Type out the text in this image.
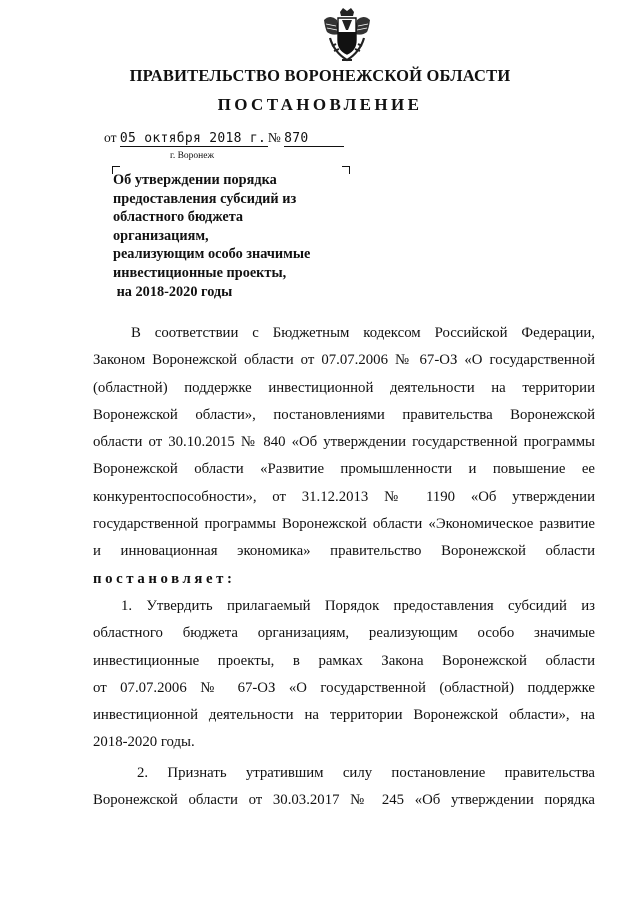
ПРАВИТЕЛЬСТВО ВОРОНЕЖСКОЙ ОБЛАСТИ
ПОСТАНОВЛЕНИЕ
от 05 октября 2018 г. № 870
г. Воронеж
Об утверждении порядка
предоставления субсидий из
областного бюджета
организациям,
реализующим особо значимые
инвестиционные проекты,
на 2018-2020 годы
В соответствии с Бюджетным кодексом Российской Федерации,
Законом Воронежской области от 07.07.2006 № 67-ОЗ «О государственной
(областной) поддержке инвестиционной деятельности на территории
Воронежской области», постановлениями правительства Воронежской
области от 30.10.2015 № 840 «Об утверждении государственной программы
Воронежской области «Развитие промышленности и повышение ее
конкурентоспособности», от 31.12.2013 № 1190 «Об утверждении
государственной программы Воронежской области «Экономическое развитие
и инновационная экономика» правительство Воронежской области
постановляет:
1. Утвердить прилагаемый Порядок предоставления субсидий из
областного бюджета организациям, реализующим особо значимые
инвестиционные проекты, в рамках Закона Воронежской области
от 07.07.2006 № 67-ОЗ «О государственной (областной) поддержке
инвестиционной деятельности на территории Воронежской области», на
2018-2020 годы.
2. Признать утратившим силу постановление правительства
Воронежской области от 30.03.2017 № 245 «Об утверждении порядка
